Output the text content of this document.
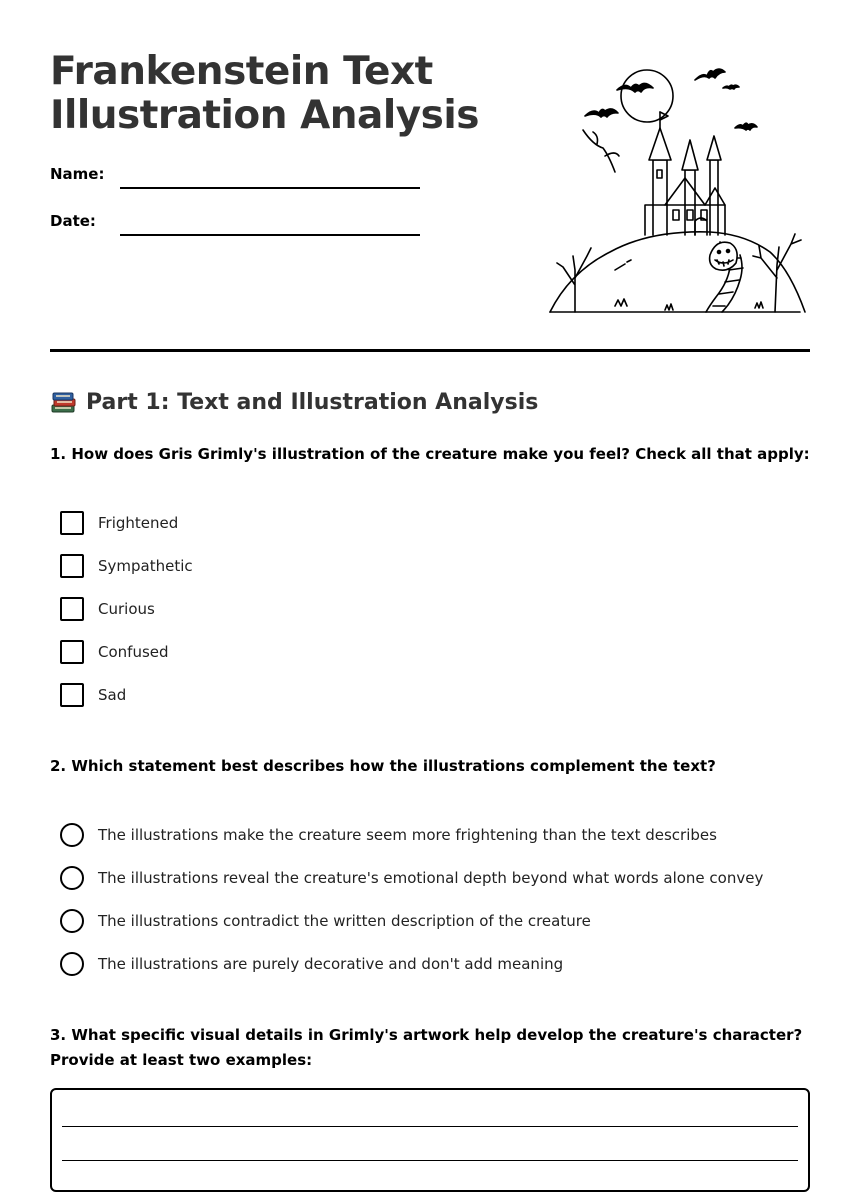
Frankenstein Text
Illustration Analysis
Name:
Date:
Part 1: Text and Illustration Analysis

1. How does Gris Grimly's illustration of the creature make you feel? Check all that apply:

Frightened
Sympathetic
Curious
Confused
Sad

2. Which statement best describes how the illustrations complement the text?

The illustrations make the creature seem more frightening than the text describes
The illustrations reveal the creature's emotional depth beyond what words alone convey
The illustrations contradict the written description of the creature
The illustrations are purely decorative and don't add meaning

3. What specific visual details in Grimly's artwork help develop the creature's character? Provide at least two examples:
